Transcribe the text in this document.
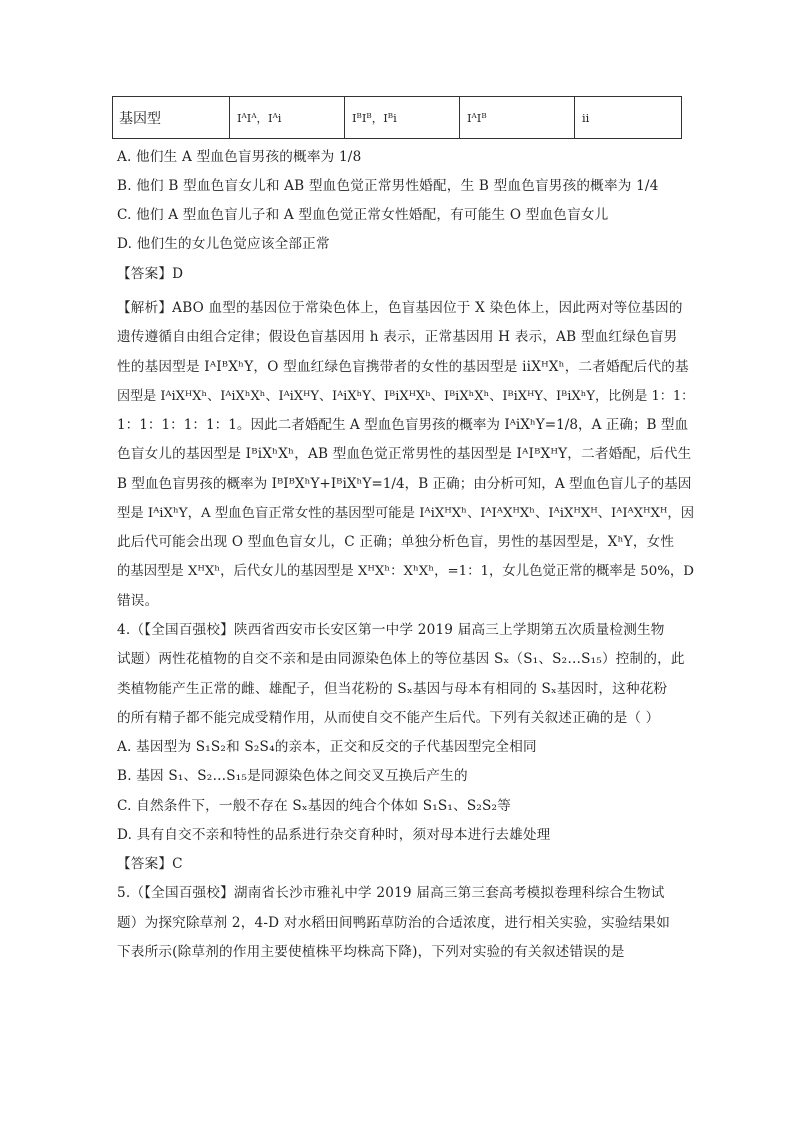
基因型	IᴬIᴬ，Iᴬi	IᴮIᴮ，Iᴮi	IᴬIᴮ	ii
A. 他们生 A 型血色盲男孩的概率为 1/8
B. 他们 B 型血色盲女儿和 AB 型血色觉正常男性婚配，生 B 型血色盲男孩的概率为 1/4
C. 他们 A 型血色盲儿子和 A 型血色觉正常女性婚配，有可能生 O 型血色盲女儿
D. 他们生的女儿色觉应该全部正常
【答案】D
【解析】ABO 血型的基因位于常染色体上，色盲基因位于 X 染色体上，因此两对等位基因的
遗传遵循自由组合定律；假设色盲基因用 h 表示，正常基因用 H 表示，AB 型血红绿色盲男
性的基因型是 IᴬIᴮXʰY，O 型血红绿色盲携带者的女性的基因型是 iiXᴴXʰ，二者婚配后代的基
因型是 IᴬiXᴴXʰ、IᴬiXʰXʰ、IᴬiXᴴY、IᴬiXʰY、IᴮiXᴴXʰ、IᴮiXʰXʰ、IᴮiXᴴY、IᴮiXʰY，比例是 1：1：
1：1：1：1：1：1。因此二者婚配生 A 型血色盲男孩的概率为 IᴬiXʰY=1/8，A 正确；B 型血
色盲女儿的基因型是 IᴮiXʰXʰ，AB 型血色觉正常男性的基因型是 IᴬIᴮXᴴY，二者婚配，后代生
B 型血色盲男孩的概率为 IᴮIᴮXʰY+IᴮiXʰY=1/4，B 正确；由分析可知，A 型血色盲儿子的基因
型是 IᴬiXʰY，A 型血色盲正常女性的基因型可能是 IᴬiXᴴXʰ、IᴬIᴬXᴴXʰ、IᴬiXᴴXᴴ、IᴬIᴬXᴴXᴴ，因
此后代可能会出现 O 型血色盲女儿，C 正确；单独分析色盲，男性的基因型是，XʰY，女性
的基因型是 XᴴXʰ，后代女儿的基因型是 XᴴXʰ：XʰXʰ，=1：1，女儿色觉正常的概率是 50%，D
错误。
4.（【全国百强校】陕西省西安市长安区第一中学 2019 届高三上学期第五次质量检测生物
试题）两性花植物的自交不亲和是由同源染色体上的等位基因 Sₓ（S₁、S₂…S₁₅）控制的，此
类植物能产生正常的雌、雄配子，但当花粉的 Sₓ基因与母本有相同的 Sₓ基因时，这种花粉
的所有精子都不能完成受精作用，从而使自交不能产生后代。下列有关叙述正确的是（ ）
A. 基因型为 S₁S₂和 S₂S₄的亲本，正交和反交的子代基因型完全相同
B. 基因 S₁、S₂…S₁₅是同源染色体之间交叉互换后产生的
C. 自然条件下，一般不存在 Sₓ基因的纯合个体如 S₁S₁、S₂S₂等
D. 具有自交不亲和特性的品系进行杂交育种时，须对母本进行去雄处理
【答案】C
5.（【全国百强校】湖南省长沙市雅礼中学 2019 届高三第三套高考模拟卷理科综合生物试
题）为探究除草剂 2，4-D 对水稻田间鸭跖草防治的合适浓度，进行相关实验，实验结果如
下表所示(除草剂的作用主要使植株平均株高下降)，下列对实验的有关叙述错误的是
